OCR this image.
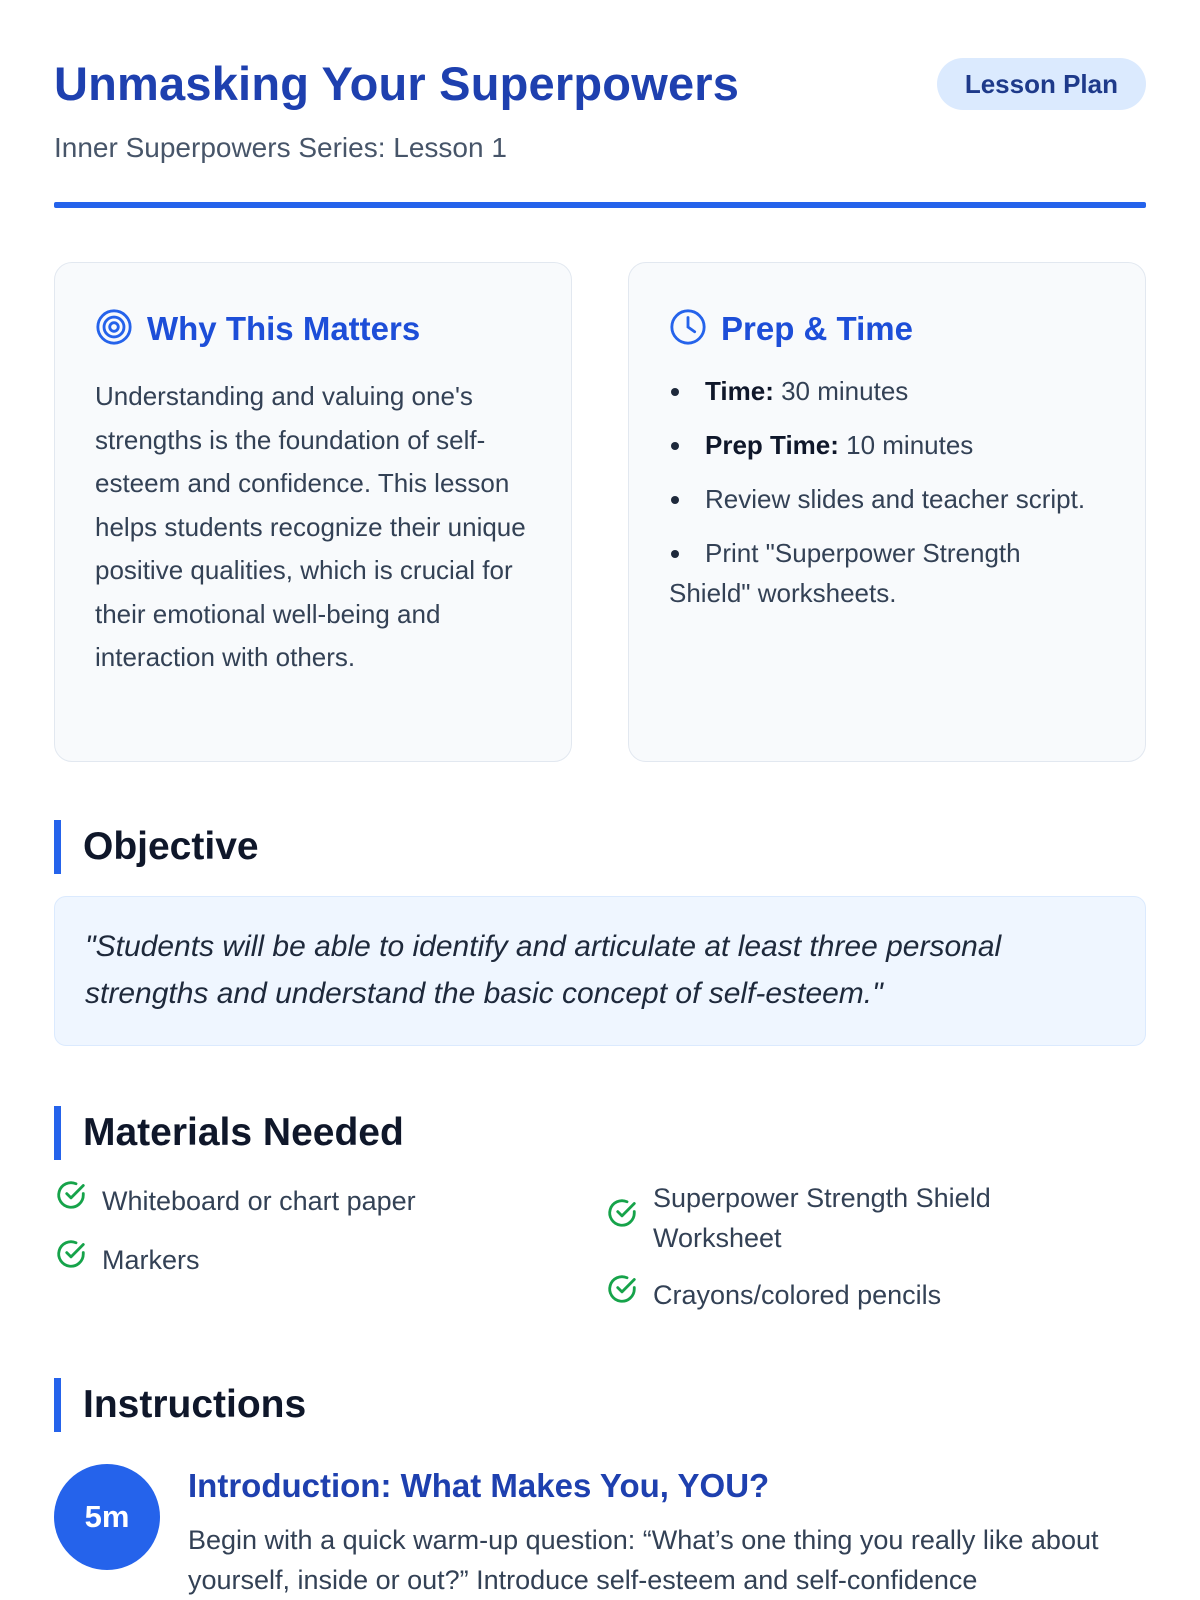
Unmasking Your Superpowers
Inner Superpowers Series: Lesson 1
Lesson Plan
Why This Matters

Understanding and valuing one's strengths is the foundation of self-esteem and confidence. This lesson helps students recognize their unique positive qualities, which is crucial for their emotional well-being and interaction with others.

Prep & Time
Time: 30 minutes
Prep Time: 10 minutes
Review slides and teacher script.
Print "Superpower Strength Shield" worksheets.
Objective
"Students will be able to identify and articulate at least three personal strengths and understand the basic concept of self-esteem."
Materials Needed
Whiteboard or chart paper
Markers
Superpower Strength Shield Worksheet
Crayons/colored pencils
Instructions
5m
Introduction: What Makes You, YOU?
Begin with a quick warm-up question: “What’s one thing you really like about yourself, inside or out?” Introduce self-esteem and self-confidence
